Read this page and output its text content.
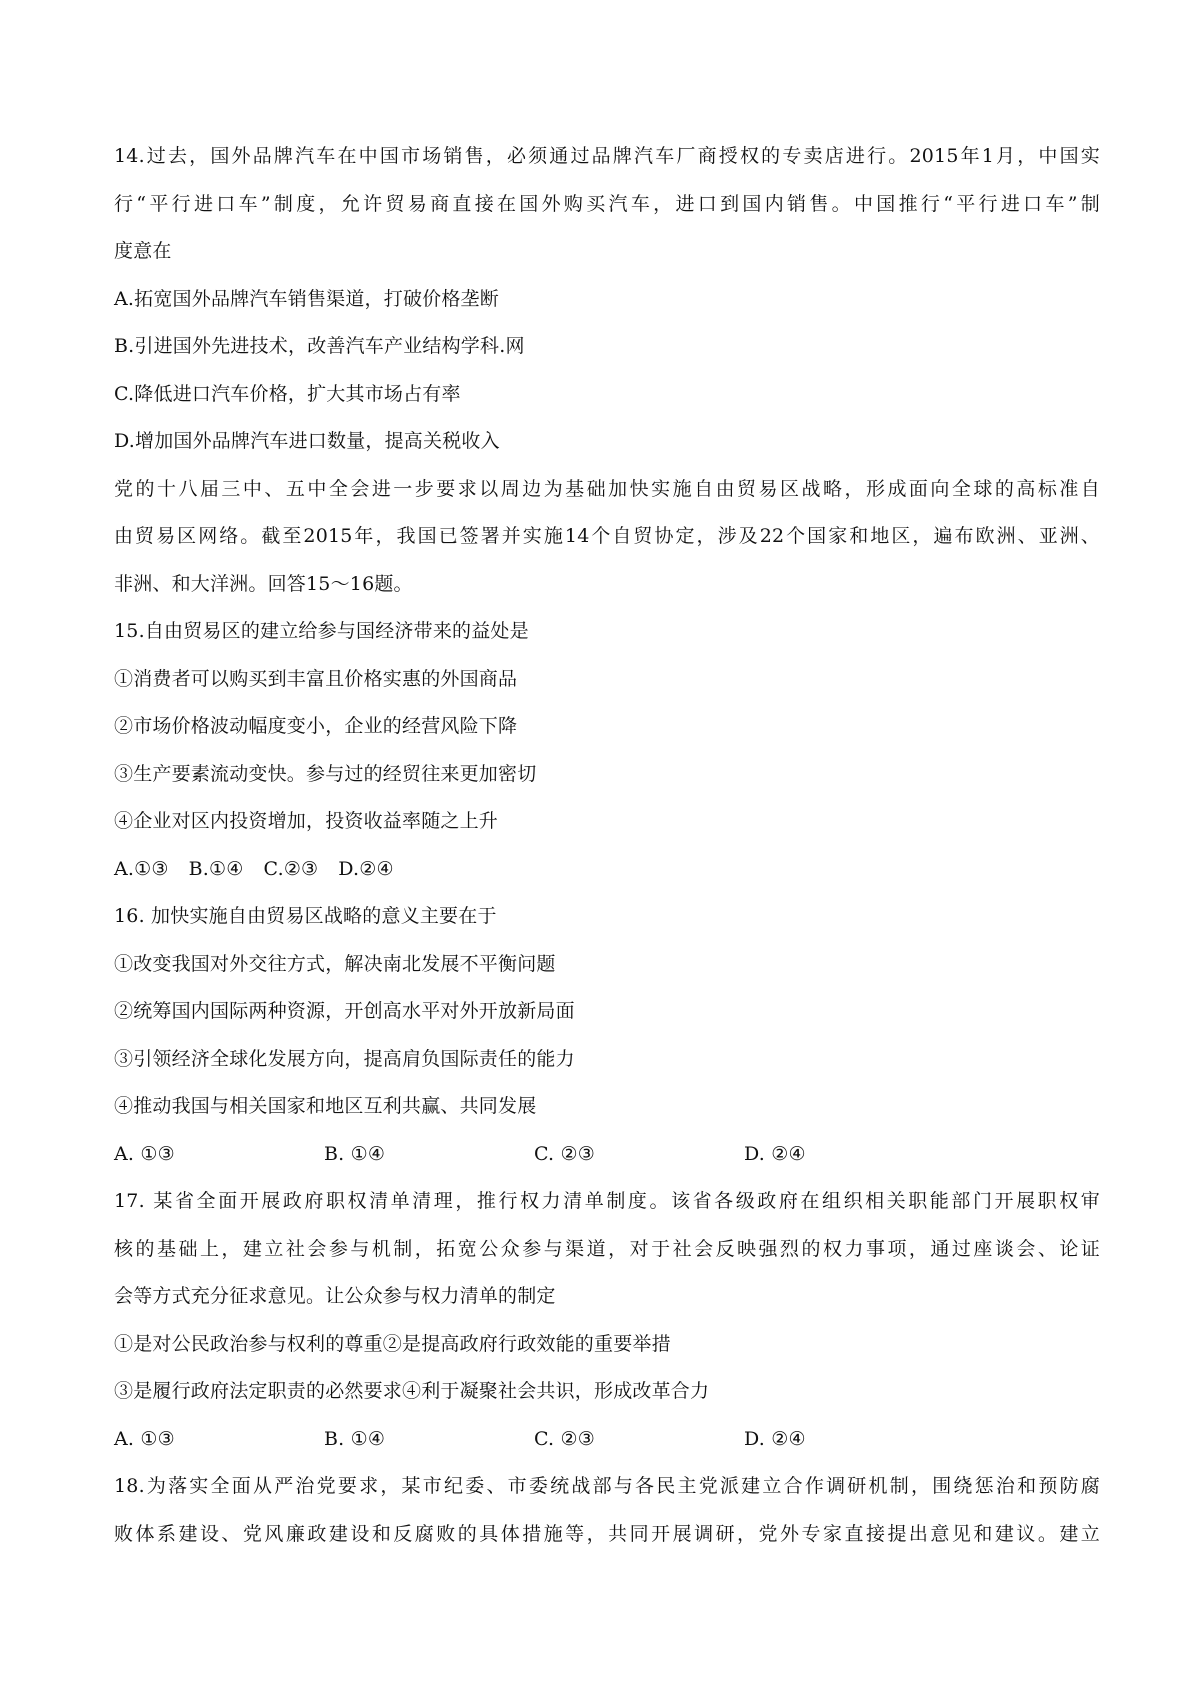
14.过去，国外品牌汽车在中国市场销售，必须通过品牌汽车厂商授权的专卖店进行。2015年1月，中国实
行“平行进口车”制度，允许贸易商直接在国外购买汽车，进口到国内销售。中国推行“平行进口车”制
度意在
A.拓宽国外品牌汽车销售渠道，打破价格垄断
B.引进国外先进技术，改善汽车产业结构学科.网
C.降低进口汽车价格，扩大其市场占有率
D.增加国外品牌汽车进口数量，提高关税收入
党的十八届三中、五中全会进一步要求以周边为基础加快实施自由贸易区战略，形成面向全球的高标准自
由贸易区网络。截至2015年，我国已签署并实施14个自贸协定，涉及22个国家和地区，遍布欧洲、亚洲、
非洲、和大洋洲。回答15～16题。
15.自由贸易区的建立给参与国经济带来的益处是
①消费者可以购买到丰富且价格实惠的外国商品
②市场价格波动幅度变小，企业的经营风险下降
③生产要素流动变快。参与过的经贸往来更加密切
④企业对区内投资增加，投资收益率随之上升
A.①③ B.①④ C.②③ D.②④
16. 加快实施自由贸易区战略的意义主要在于
①改变我国对外交往方式，解决南北发展不平衡问题
②统筹国内国际两种资源，开创高水平对外开放新局面
③引领经济全球化发展方向，提高肩负国际责任的能力
④推动我国与相关国家和地区互利共赢、共同发展
A. ①③	B. ①④	C. ②③	D. ②④
17. 某省全面开展政府职权清单清理，推行权力清单制度。该省各级政府在组织相关职能部门开展职权审
核的基础上，建立社会参与机制，拓宽公众参与渠道，对于社会反映强烈的权力事项，通过座谈会、论证
会等方式充分征求意见。让公众参与权力清单的制定
①是对公民政治参与权利的尊重②是提高政府行政效能的重要举措
③是履行政府法定职责的必然要求④利于凝聚社会共识，形成改革合力
A. ①③	B. ①④	C. ②③	D. ②④
18.为落实全面从严治党要求，某市纪委、市委统战部与各民主党派建立合作调研机制，围绕惩治和预防腐
败体系建设、党风廉政建设和反腐败的具体措施等，共同开展调研，党外专家直接提出意见和建议。建立
